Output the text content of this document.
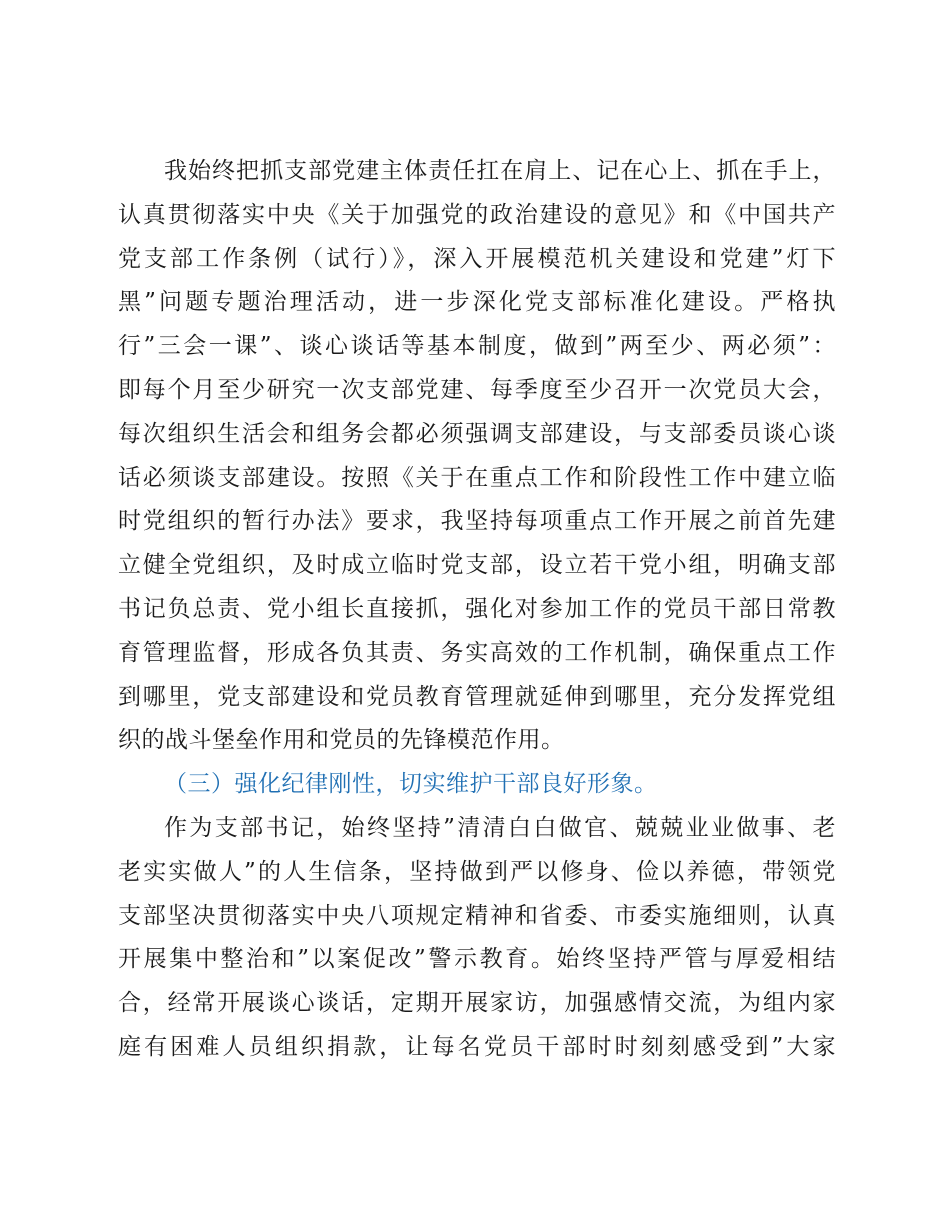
我始终把抓支部党建主体责任扛在肩上、记在心上、抓在手上，
认真贯彻落实中央《关于加强党的政治建设的意见》和《中国共产
党支部工作条例（试行）》，深入开展模范机关建设和党建”灯下
黑”问题专题治理活动，进一步深化党支部标准化建设。严格执
行”三会一课”、谈心谈话等基本制度，做到”两至少、两必须”：
即每个月至少研究一次支部党建、每季度至少召开一次党员大会，
每次组织生活会和组务会都必须强调支部建设，与支部委员谈心谈
话必须谈支部建设。按照《关于在重点工作和阶段性工作中建立临
时党组织的暂行办法》要求，我坚持每项重点工作开展之前首先建
立健全党组织，及时成立临时党支部，设立若干党小组，明确支部
书记负总责、党小组长直接抓，强化对参加工作的党员干部日常教
育管理监督，形成各负其责、务实高效的工作机制，确保重点工作
到哪里，党支部建设和党员教育管理就延伸到哪里，充分发挥党组
织的战斗堡垒作用和党员的先锋模范作用。
（三）强化纪律刚性，切实维护干部良好形象。
作为支部书记，始终坚持”清清白白做官、兢兢业业做事、老
老实实做人”的人生信条，坚持做到严以修身、俭以养德，带领党
支部坚决贯彻落实中央八项规定精神和省委、市委实施细则，认真
开展集中整治和”以案促改”警示教育。始终坚持严管与厚爱相结
合，经常开展谈心谈话，定期开展家访，加强感情交流，为组内家
庭有困难人员组织捐款，让每名党员干部时时刻刻感受到”大家
